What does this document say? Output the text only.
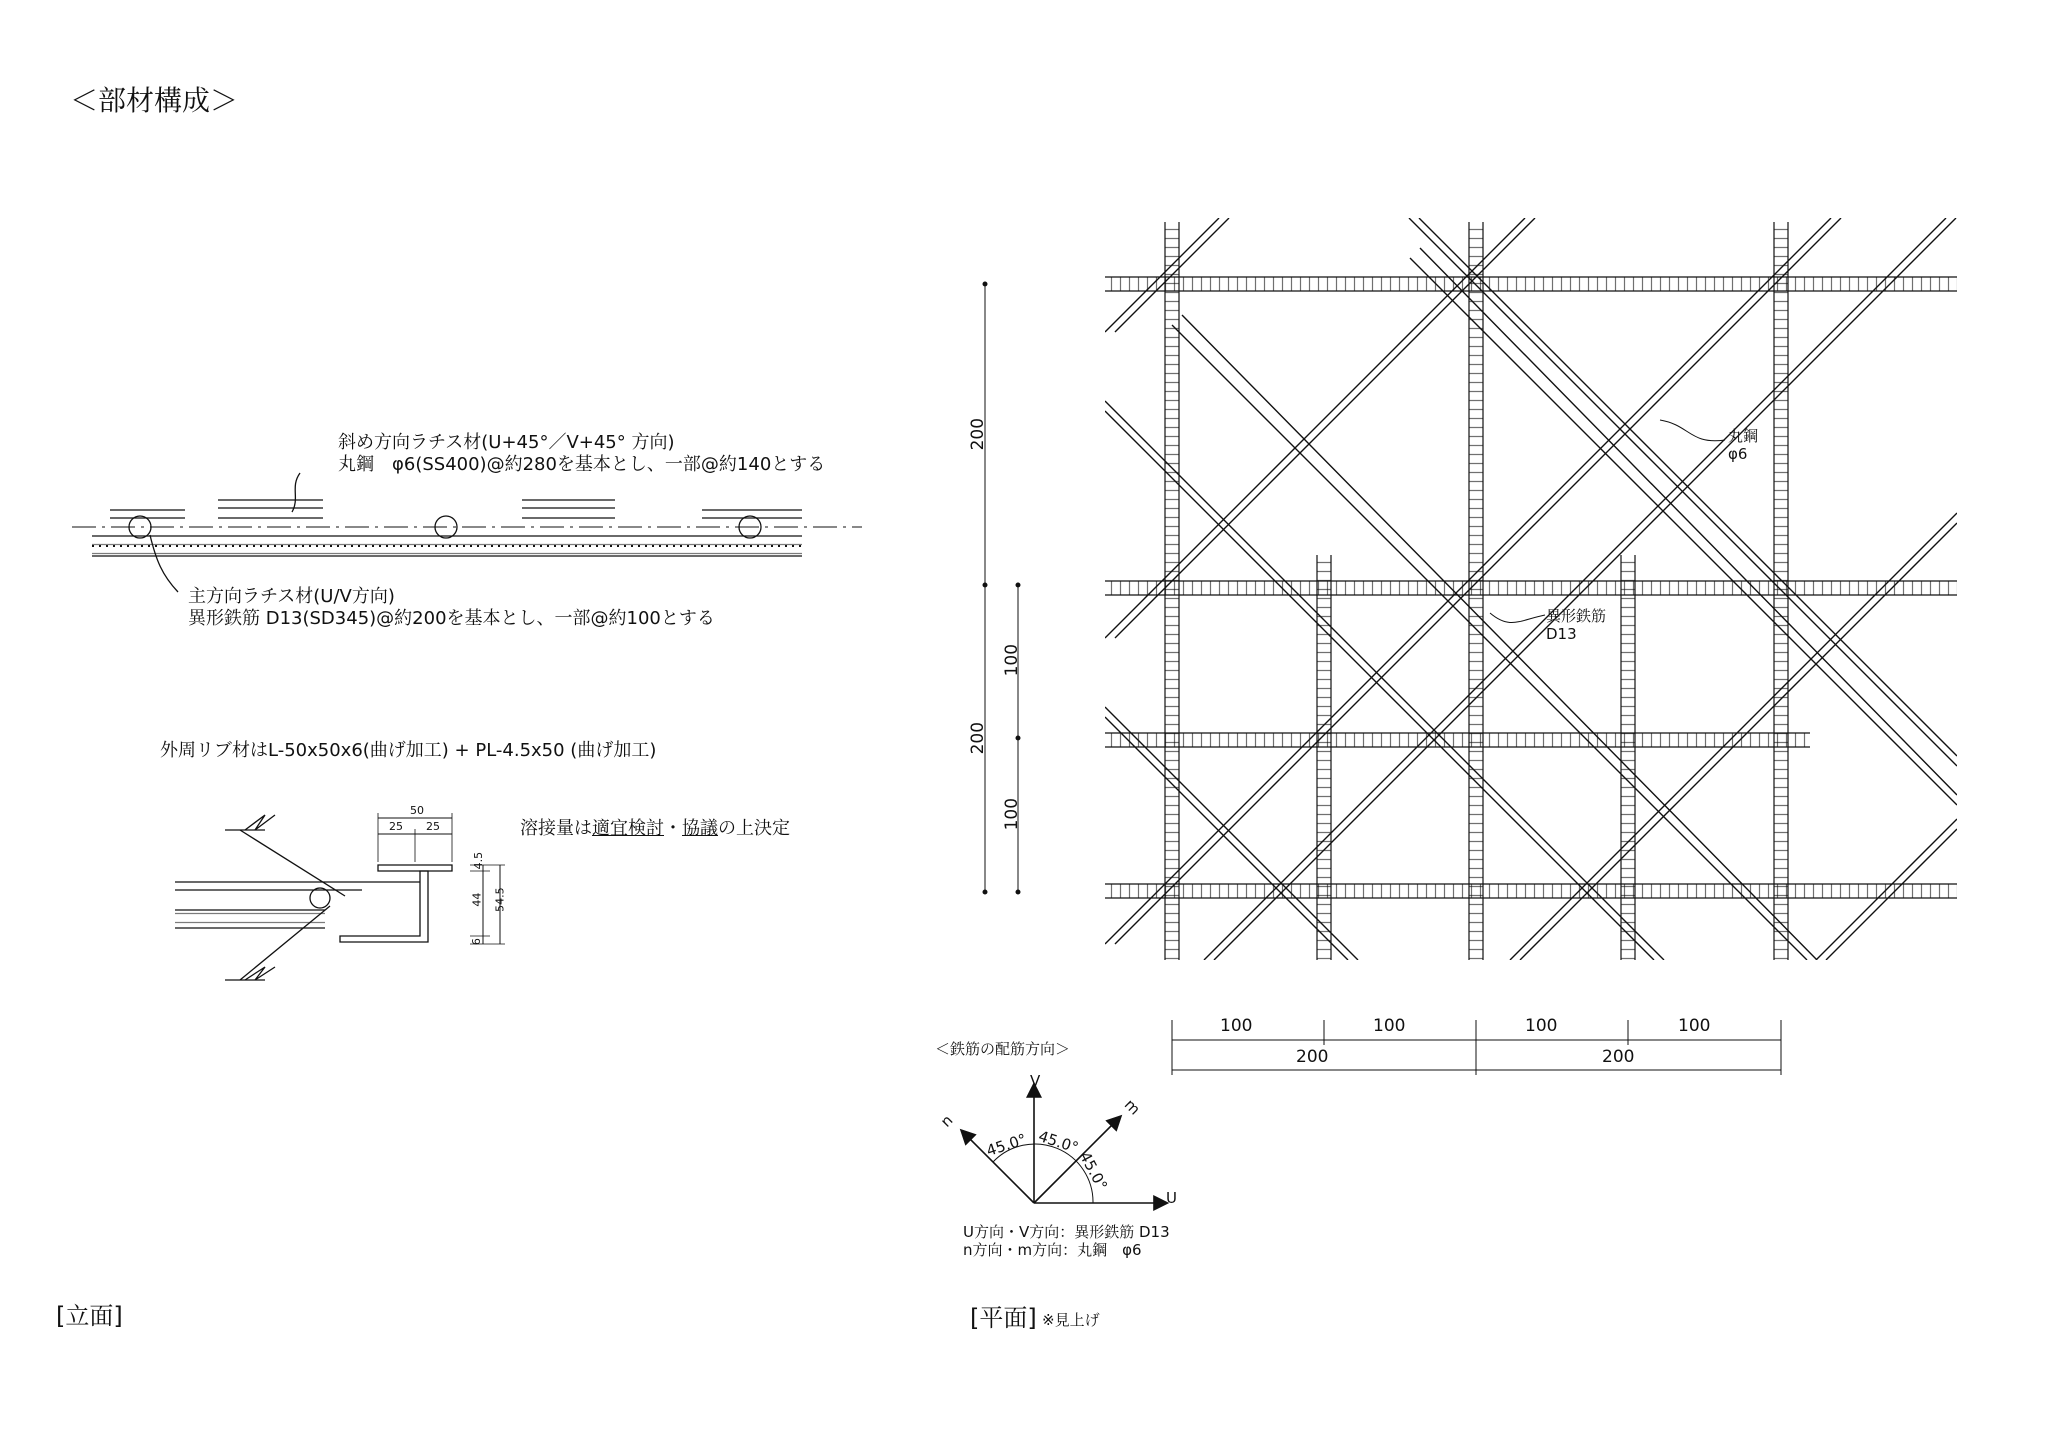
＜部材構成＞
斜め方向ラチス材(U+45°／V+45° 方向)
丸鋼　φ6(SS400)@約280を基本とし、一部@約140とする
主方向ラチス材(U/V方向)
異形鉄筋 D13(SD345)@約200を基本とし、一部@約100とする
外周リブ材はL-50x50x6(曲げ加工) + PL-4.5x50 (曲げ加工)
溶接量は適宜検討・協議の上決定
50
25 25
4.5
44
6
54.5
[立面]	[平面] ※見上げ
丸鋼
φ6
異形鉄筋
D13
200
200
100
100
100	100	100	100
200	200
＜鉄筋の配筋方向＞
V
U
m
n
45.0° 45.0°
45.0°
U方向・V方向：異形鉄筋 D13
n方向・m方向：丸鋼　φ6
